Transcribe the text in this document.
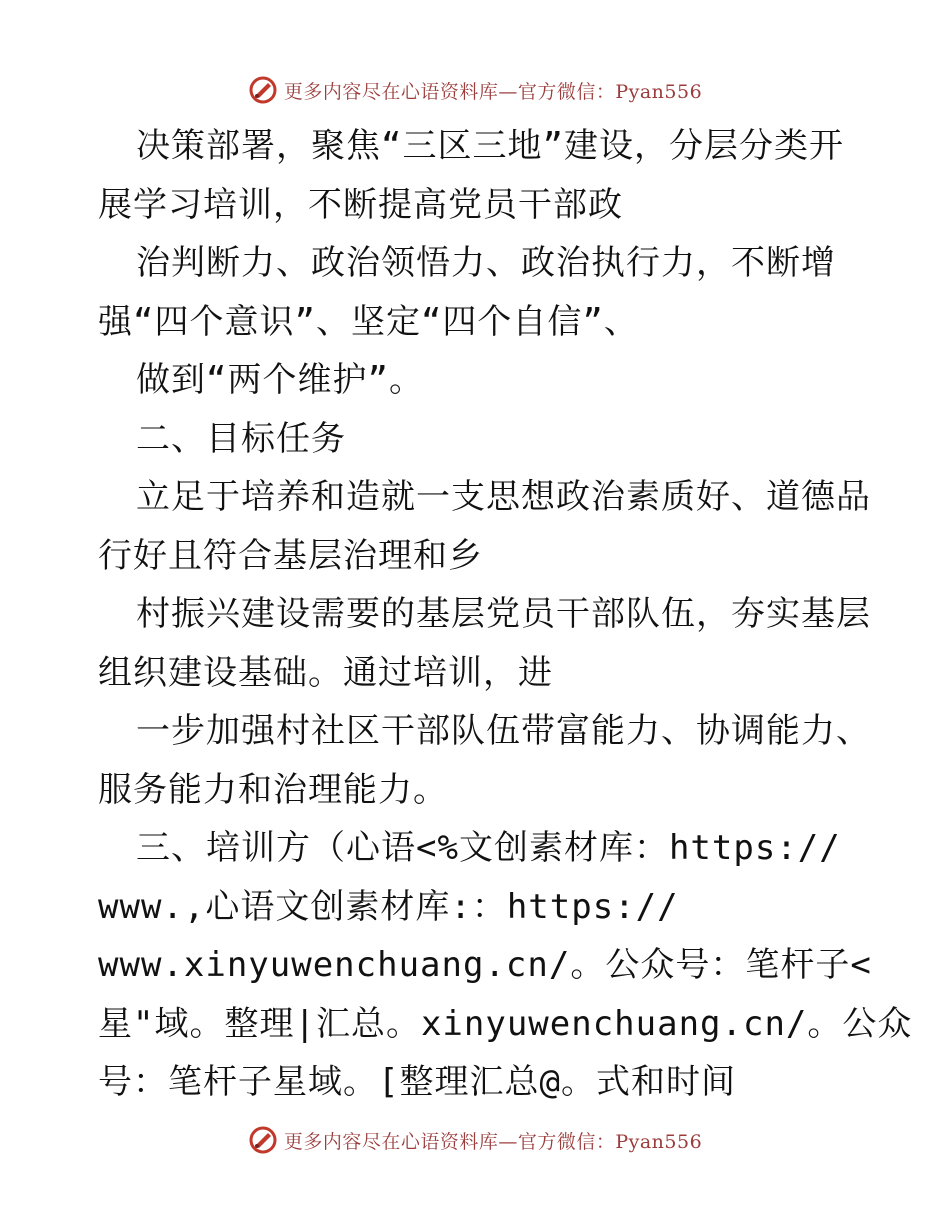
更多内容尽在心语资料库—官方微信：Pyan556
决策部署，聚焦“三区三地”建设，分层分类开
展学习培训，不断提高党员干部政
治判断力、政治领悟力、政治执行力，不断增
强“四个意识”、坚定“四个自信”、
做到“两个维护”。
二、目标任务
立足于培养和造就一支思想政治素质好、道德品
行好且符合基层治理和乡
村振兴建设需要的基层党员干部队伍，夯实基层
组织建设基础。通过培训，进
一步加强村社区干部队伍带富能力、协调能力、
服务能力和治理能力。
三、培训方（心语<%文创素材库：https://
www.,心语文创素材库:：https://
www.xinyuwenchuang.cn/。公众号：笔杆子<
星"域。整理|汇总。xinyuwenchuang.cn/。公众
号：笔杆子星域。[整理汇总@。式和时间
更多内容尽在心语资料库—官方微信：Pyan556
